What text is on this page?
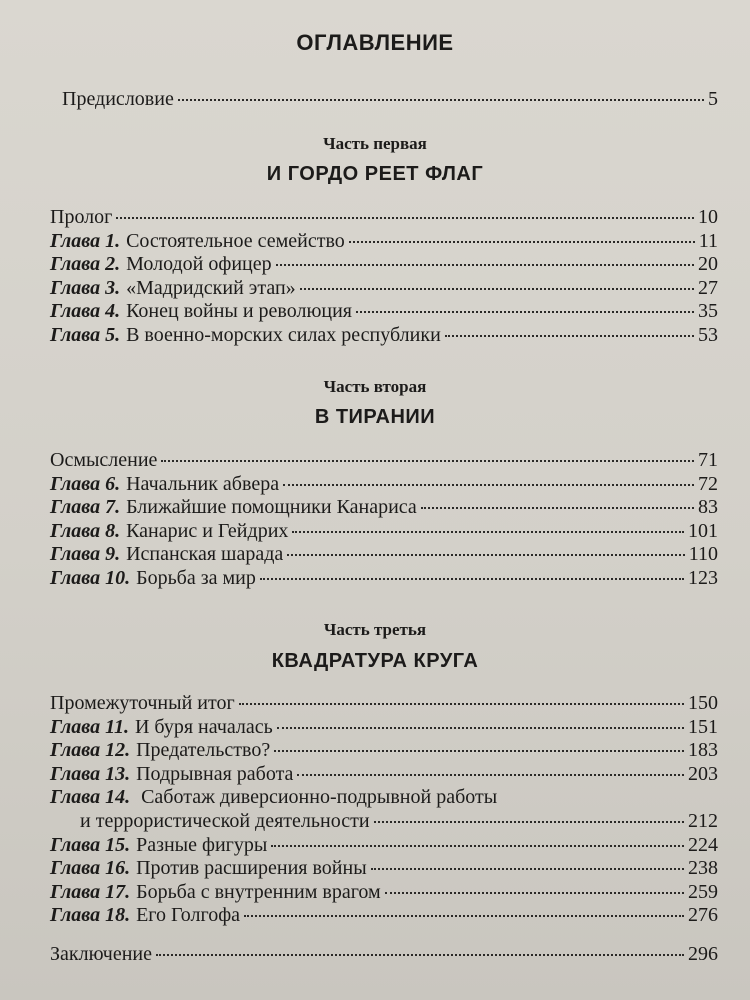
ОГЛАВЛЕНИЕ
Предисловие	5
Часть первая
И ГОРДО РЕЕТ ФЛАГ
Пролог	10
Глава 1. Состоятельное семейство	11
Глава 2. Молодой офицер	20
Глава 3. «Мадридский этап»	27
Глава 4. Конец войны и революция	35
Глава 5. В военно-морских силах республики	53
Часть вторая
В ТИРАНИИ
Осмысление	71
Глава 6. Начальник абвера	72
Глава 7. Ближайшие помощники Канариса	83
Глава 8. Канарис и Гейдрих	101
Глава 9. Испанская шарада	110
Глава 10. Борьба за мир	123
Часть третья
КВАДРАТУРА КРУГА
Промежуточный итог	150
Глава 11. И буря началась	151
Глава 12. Предательство?	183
Глава 13. Подрывная работа	203
Глава 14. Саботаж диверсионно-подрывной работы
и террористической деятельности	212
Глава 15. Разные фигуры	224
Глава 16. Против расширения войны	238
Глава 17. Борьба с внутренним врагом	259
Глава 18. Его Голгофа	276
Заключение	296
